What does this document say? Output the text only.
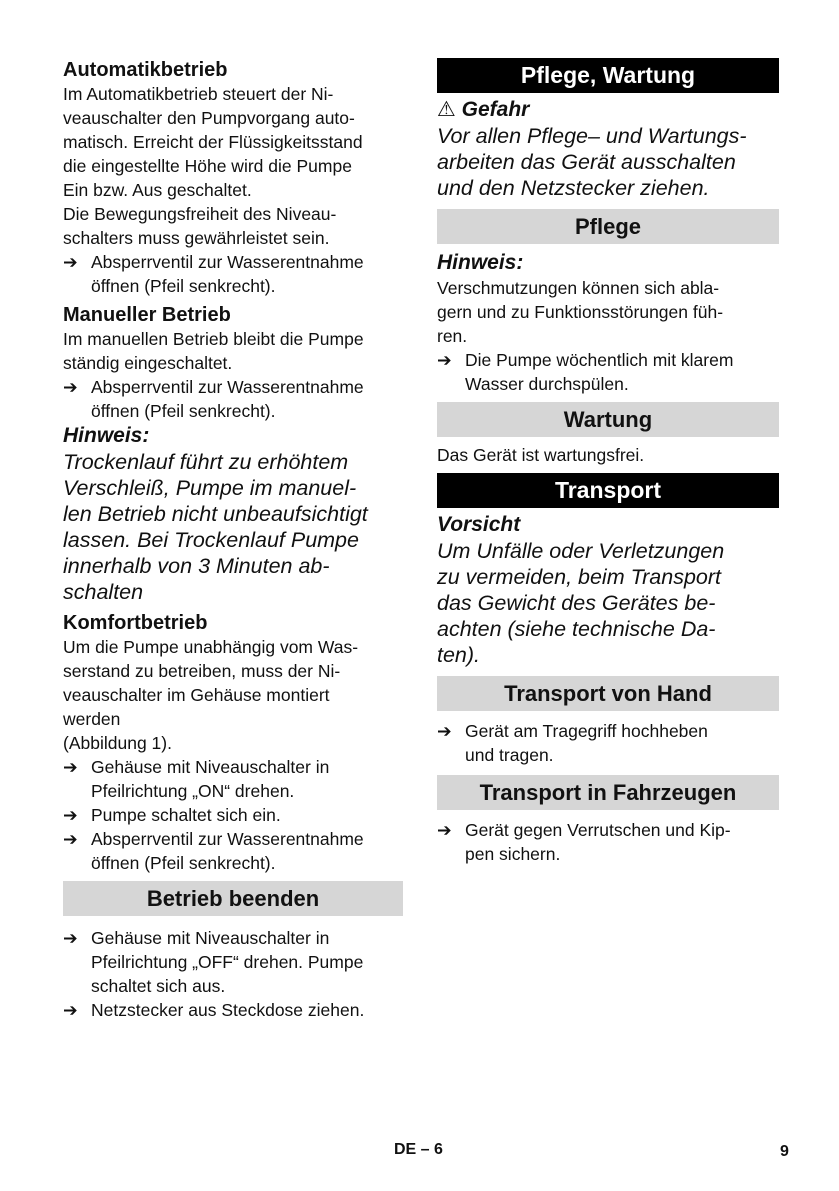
Automatikbetrieb

Im Automatikbetrieb steuert der Ni-
veauschalter den Pumpvorgang auto-
matisch. Erreicht der Flüssigkeitsstand
die eingestellte Höhe wird die Pumpe
Ein bzw. Aus geschaltet.
Die Bewegungsfreiheit des Niveau-
schalters muss gewährleistet sein.

➔ Absperrventil zur Wasserentnahme
öffnen (Pfeil senkrecht).
Manueller Betrieb

Im manuellen Betrieb bleibt die Pumpe
ständig eingeschaltet.

➔ Absperrventil zur Wasserentnahme
öffnen (Pfeil senkrecht).
Hinweis:
Trockenlauf führt zu erhöhtem
Verschleiß, Pumpe im manuel-
len Betrieb nicht unbeaufsichtigt
lassen. Bei Trockenlauf Pumpe
innerhalb von 3 Minuten ab-
schalten
Komfortbetrieb

Um die Pumpe unabhängig vom Was-
serstand zu betreiben, muss der Ni-
veauschalter im Gehäuse montiert
werden
(Abbildung 1).

➔ Gehäuse mit Niveauschalter in
Pfeilrichtung „ON“ drehen.
➔ Pumpe schaltet sich ein.
➔ Absperrventil zur Wasserentnahme
öffnen (Pfeil senkrecht).
Betrieb beenden
➔ Gehäuse mit Niveauschalter in
Pfeilrichtung „OFF“ drehen. Pumpe
schaltet sich aus.
➔ Netzstecker aus Steckdose ziehen.
Pflege, Wartung
⚠ Gefahr
Vor allen Pflege– und Wartungs-
arbeiten das Gerät ausschalten
und den Netzstecker ziehen.
Pflege
Hinweis:

Verschmutzungen können sich abla-
gern und zu Funktionsstörungen füh-
ren.

➔ Die Pumpe wöchentlich mit klarem
Wasser durchspülen.
Wartung

Das Gerät ist wartungsfrei.

Transport
Vorsicht
Um Unfälle oder Verletzungen
zu vermeiden, beim Transport
das Gewicht des Gerätes be-
achten (siehe technische Da-
ten).
Transport von Hand
➔ Gerät am Tragegriff hochheben
und tragen.
Transport in Fahrzeugen
➔ Gerät gegen Verrutschen und Kip-
pen sichern.
DE – 6	9
